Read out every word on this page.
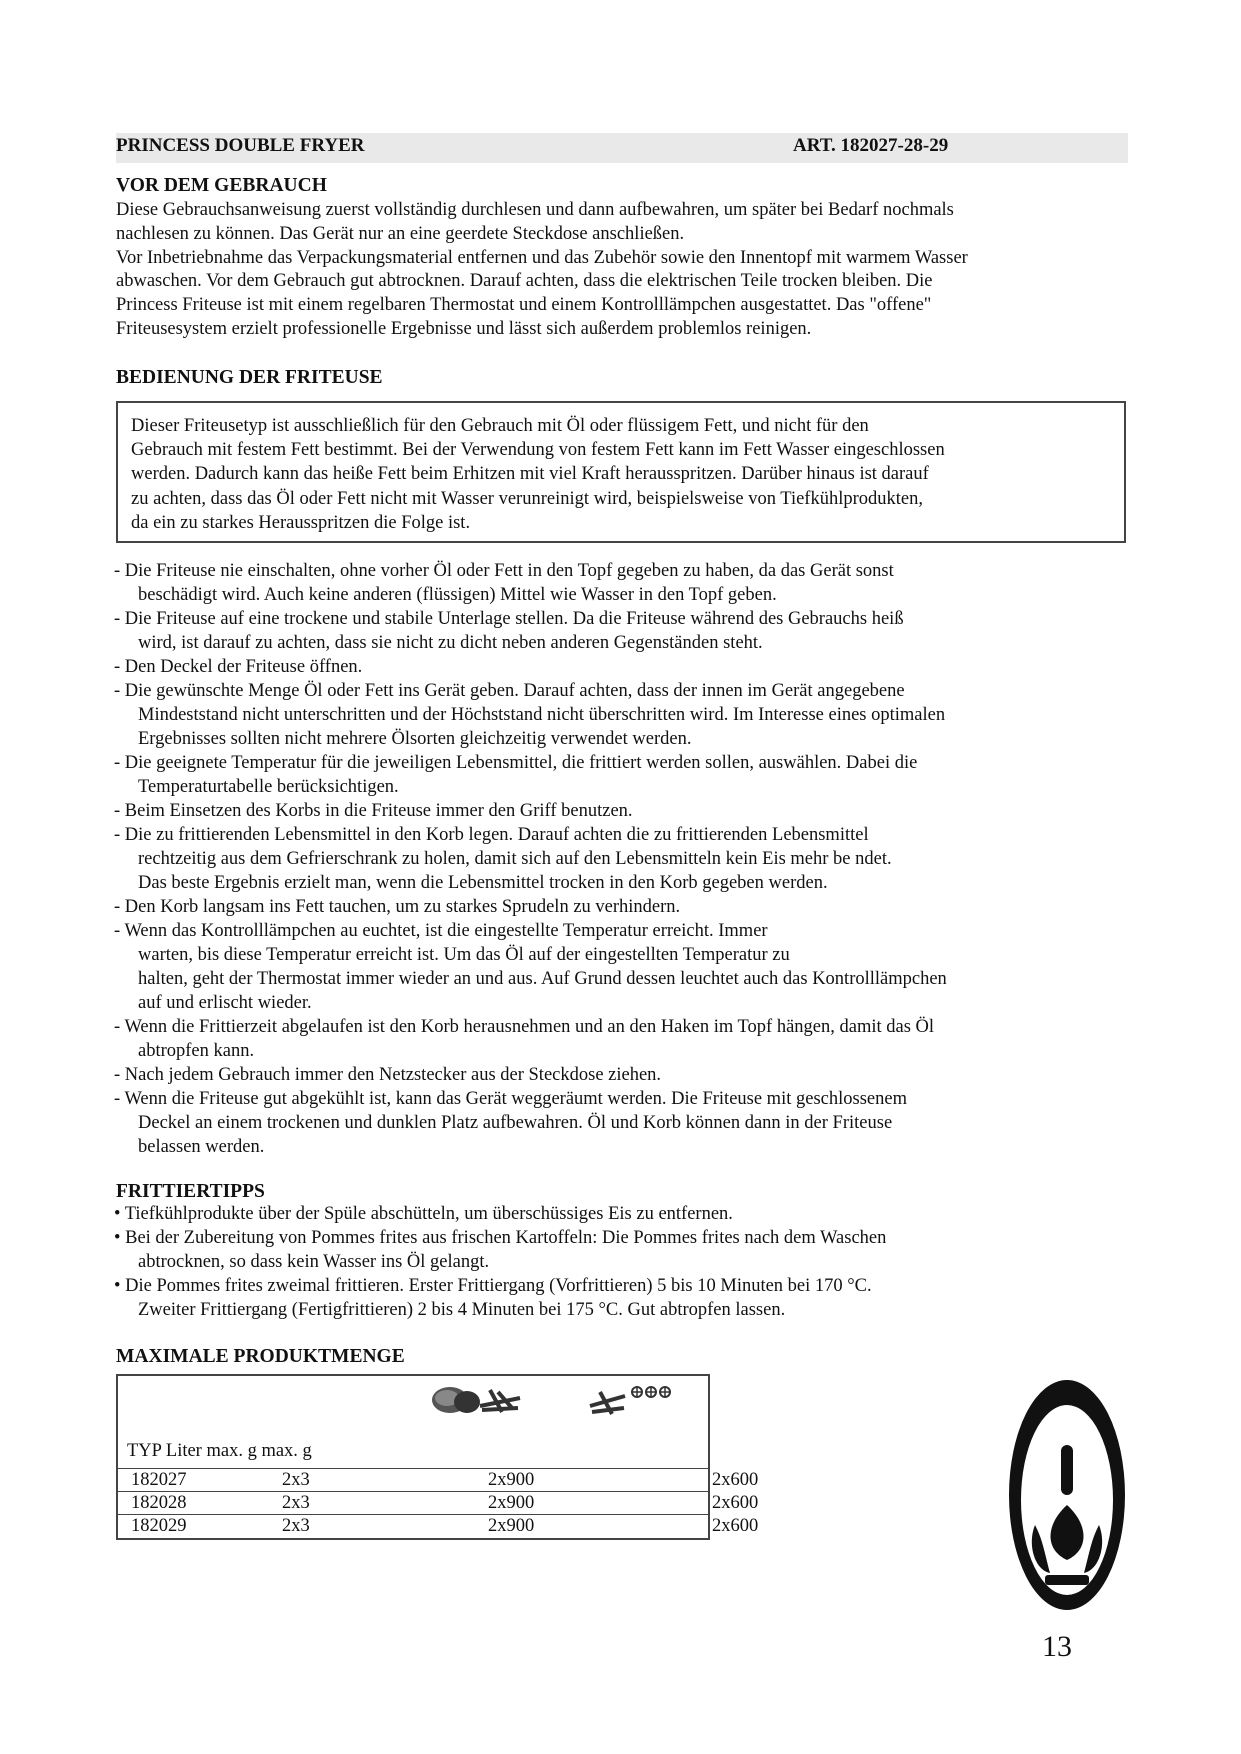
PRINCESS DOUBLE FRYER	ART. 182027-28-29
VOR DEM GEBRAUCH
Diese Gebrauchsanweisung zuerst vollständig durchlesen und dann aufbewahren, um später bei Bedarf nochmals
nachlesen zu können. Das Gerät nur an eine geerdete Steckdose anschließen.
Vor Inbetriebnahme das Verpackungsmaterial entfernen und das Zubehör sowie den Innentopf mit warmem Wasser
abwaschen. Vor dem Gebrauch gut abtrocknen. Darauf achten, dass die elektrischen Teile trocken bleiben. Die
Princess Friteuse ist mit einem regelbaren Thermostat und einem Kontrolllämpchen ausgestattet. Das "offene"
Friteusesystem erzielt professionelle Ergebnisse und lässt sich außerdem problemlos reinigen.
BEDIENUNG DER FRITEUSE
Dieser Friteusetyp ist ausschließlich für den Gebrauch mit Öl oder flüssigem Fett, und nicht für den
Gebrauch mit festem Fett bestimmt. Bei der Verwendung von festem Fett kann im Fett Wasser eingeschlossen
werden. Dadurch kann das heiße Fett beim Erhitzen mit viel Kraft herausspritzen. Darüber hinaus ist darauf
zu achten, dass das Öl oder Fett nicht mit Wasser verunreinigt wird, beispielsweise von Tiefkühlprodukten,
da ein zu starkes Herausspritzen die Folge ist.
- Die Friteuse nie einschalten, ohne vorher Öl oder Fett in den Topf gegeben zu haben, da das Gerät sonst
beschädigt wird. Auch keine anderen (flüssigen) Mittel wie Wasser in den Topf geben.
- Die Friteuse auf eine trockene und stabile Unterlage stellen. Da die Friteuse während des Gebrauchs heiß
wird, ist darauf zu achten, dass sie nicht zu dicht neben anderen Gegenständen steht.
- Den Deckel der Friteuse öffnen.
- Die gewünschte Menge Öl oder Fett ins Gerät geben. Darauf achten, dass der innen im Gerät angegebene
Mindeststand nicht unterschritten und der Höchststand nicht überschritten wird. Im Interesse eines optimalen
Ergebnisses sollten nicht mehrere Ölsorten gleichzeitig verwendet werden.
- Die geeignete Temperatur für die jeweiligen Lebensmittel, die frittiert werden sollen, auswählen. Dabei die
Temperaturtabelle berücksichtigen.
- Beim Einsetzen des Korbs in die Friteuse immer den Griff benutzen.
- Die zu frittierenden Lebensmittel in den Korb legen. Darauf achten die zu frittierenden Lebensmittel
rechtzeitig aus dem Gefrierschrank zu holen, damit sich auf den Lebensmitteln kein Eis mehr be ndet.
Das beste Ergebnis erzielt man, wenn die Lebensmittel trocken in den Korb gegeben werden.
- Den Korb langsam ins Fett tauchen, um zu starkes Sprudeln zu verhindern.
- Wenn das Kontrolllämpchen au euchtet, ist die eingestellte Temperatur erreicht. Immer
warten, bis diese Temperatur erreicht ist. Um das Öl auf der eingestellten Temperatur zu
halten, geht der Thermostat immer wieder an und aus. Auf Grund dessen leuchtet auch das Kontrolllämpchen
auf und erlischt wieder.
- Wenn die Frittierzeit abgelaufen ist den Korb herausnehmen und an den Haken im Topf hängen, damit das Öl
abtropfen kann.
- Nach jedem Gebrauch immer den Netzstecker aus der Steckdose ziehen.
- Wenn die Friteuse gut abgekühlt ist, kann das Gerät weggeräumt werden. Die Friteuse mit geschlossenem
Deckel an einem trockenen und dunklen Platz aufbewahren. Öl und Korb können dann in der Friteuse
belassen werden.
FRITTIERTIPPS
• Tiefkühlprodukte über der Spüle abschütteln, um überschüssiges Eis zu entfernen.
• Bei der Zubereitung von Pommes frites aus frischen Kartoffeln: Die Pommes frites nach dem Waschen
abtrocknen, so dass kein Wasser ins Öl gelangt.
• Die Pommes frites zweimal frittieren. Erster Frittiergang (Vorfrittieren) 5 bis 10 Minuten bei 170 °C.
Zweiter Frittiergang (Fertigfrittieren) 2 bis 4 Minuten bei 175 °C. Gut abtropfen lassen.
MAXIMALE PRODUKTMENGE
TYP Liter max. g max. g
182027	2x3	2x900	2x600
182028	2x3	2x900	2x600
182029	2x3	2x900	2x600
13
